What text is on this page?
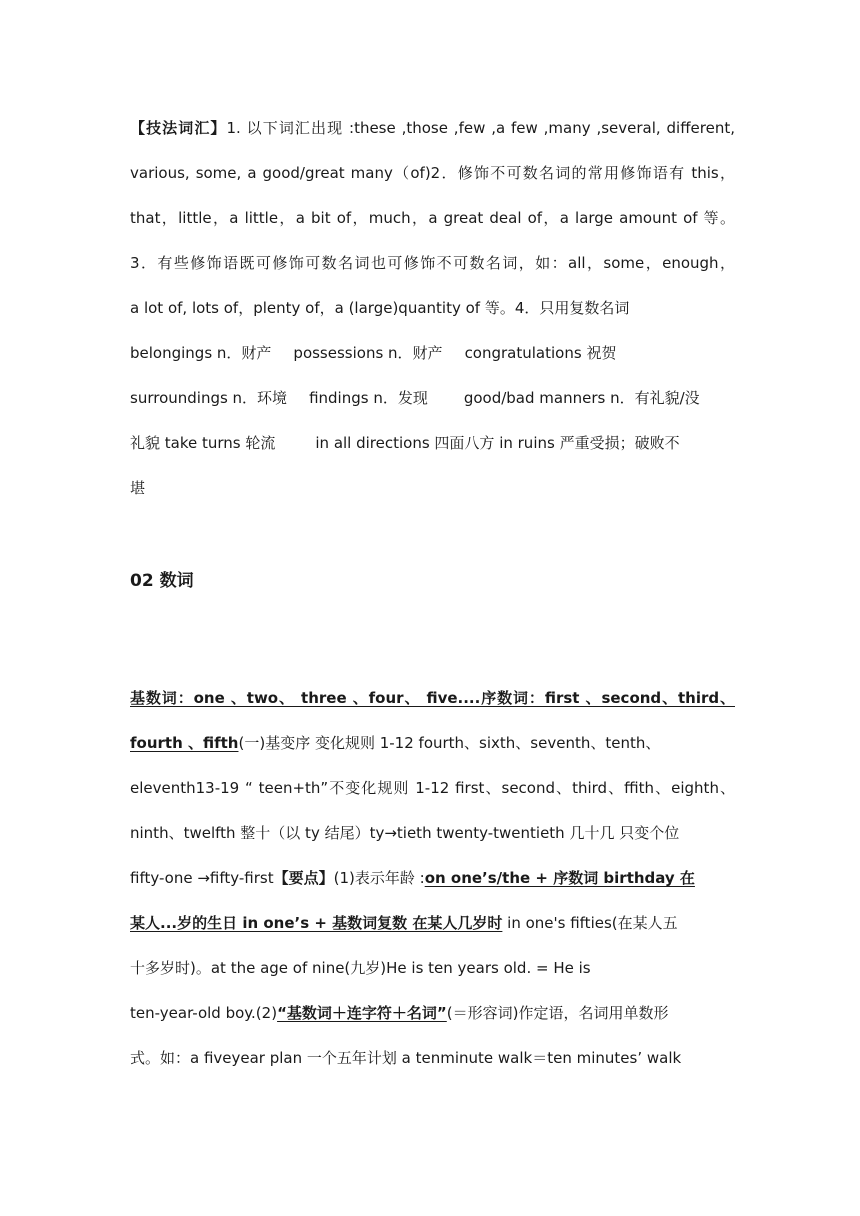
【技法词汇】1. 以下词汇出现 :these ,those ,few ,a few ,many ,several, different,
various, some, a good/great many（of)2．修饰不可数名词的常用修饰语有 this，
that，little，a little，a bit of，much，a great deal of，a large amount of 等。
3．有些修饰语既可修饰可数名词也可修饰不可数名词，如：all，some，enough，
a lot of, lots of，plenty of，a (large)quantity of 等。4．只用复数名词
belongings n．财产 possessions n．财产 congratulations 祝贺
surroundings n．环境 findings n．发现 good/bad manners n．有礼貌/没
礼貌 take turns 轮流	in all directions 四面八方 in ruins 严重受损；破败不
堪
02 数词
基数词：one 、two、 three 、four、 five....序数词：first 、second、third、
fourth 、fifth(一)基变序 变化规则 1-12 fourth、sixth、seventh、tenth、
eleventh13-19 “ teen+th”不变化规则 1-12 first、second、third、ffith、eighth、
ninth、twelfth 整十（以 ty 结尾）ty→tieth twenty-twentieth 几十几 只变个位
fifty-one →fifty-first【要点】(1)表示年龄 :on one’s/the + 序数词 birthday 在
某人...岁的生日 in one’s + 基数词复数 在某人几岁时 in one's fifties(在某人五
十多岁时)。at the age of nine(九岁)He is ten years old. = He is
ten-year-old boy.(2)“基数词＋连字符＋名词”(＝形容词)作定语，名词用单数形
式。如：a fiveyear plan 一个五年计划 a tenminute walk＝ten minutes’ walk
